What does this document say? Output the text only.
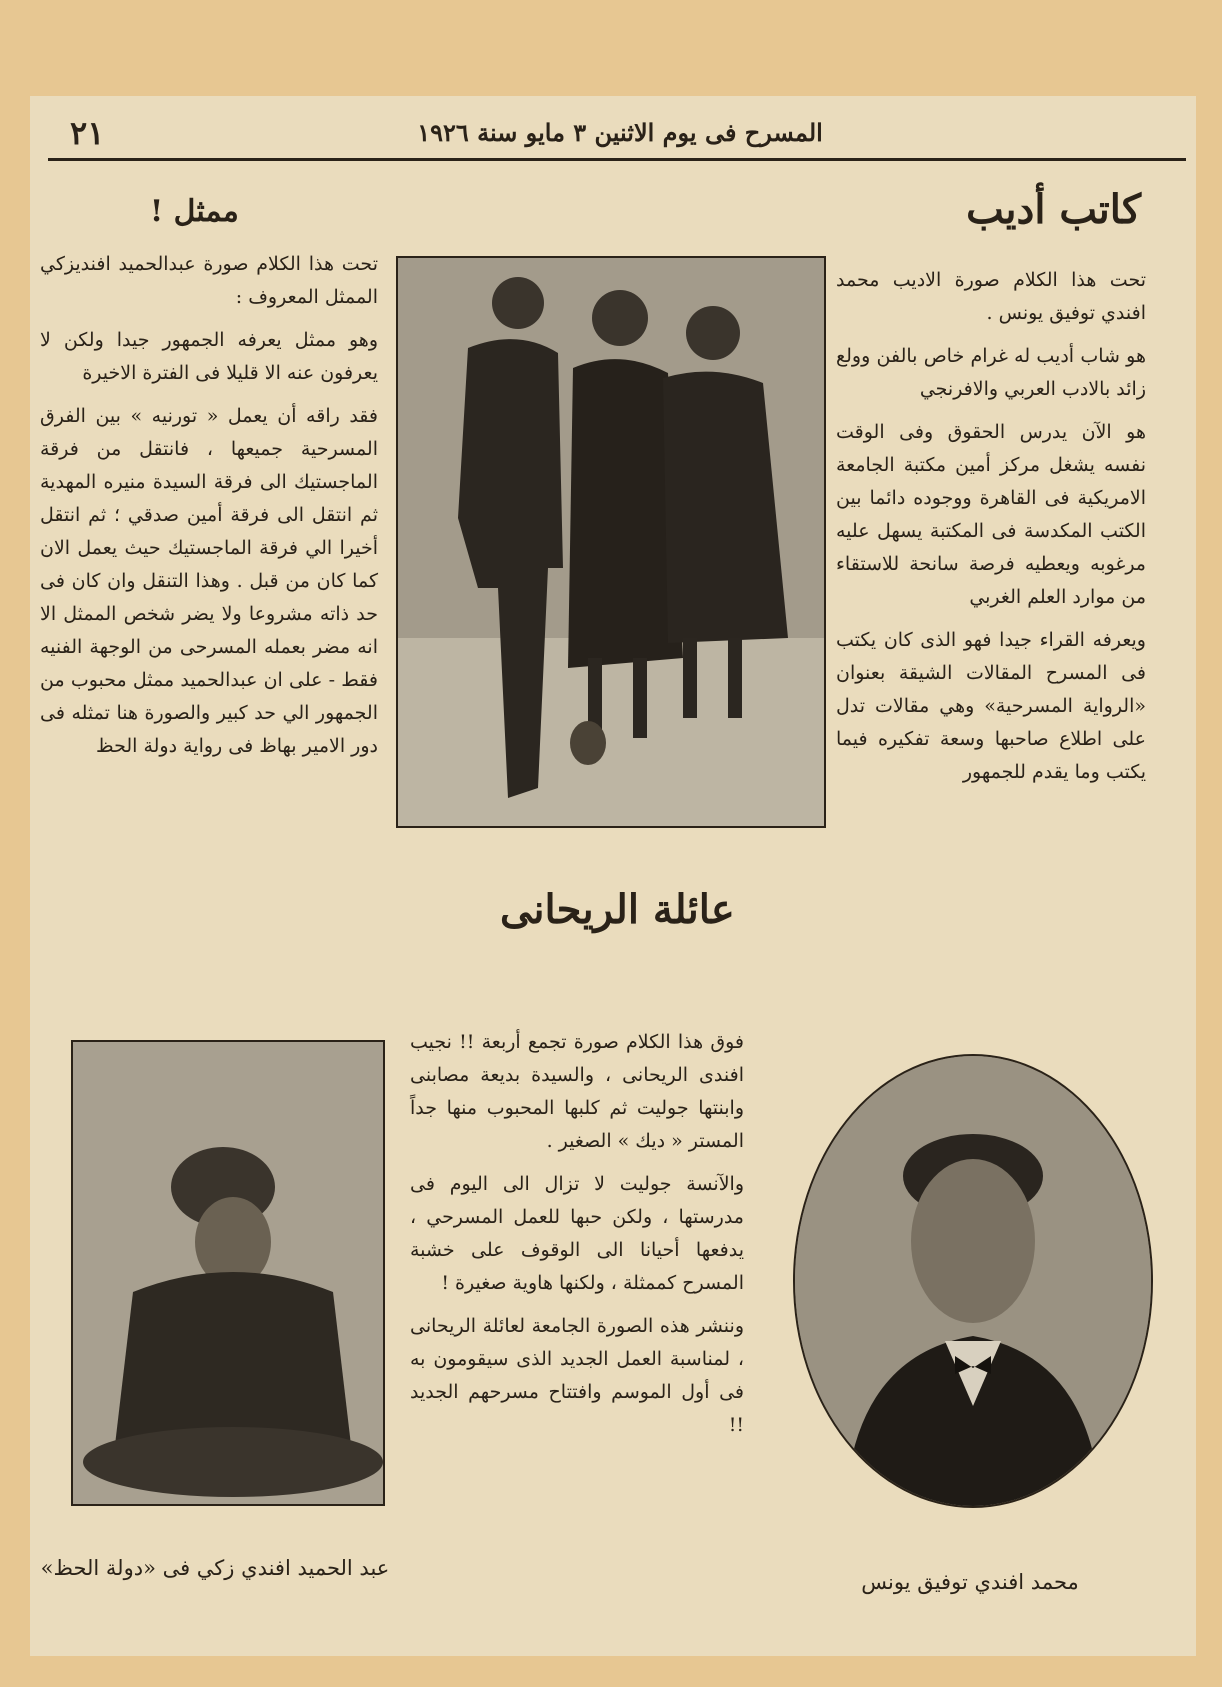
٢١	المسرح فى يوم الاثنين ٣ مايو سنة ١٩٢٦
كاتب أديب

تحت هذا الكلام صورة الاديب محمد افندي توفيق يونس .

هو شاب أديب له غرام خاص بالفن وولع زائد بالادب العربي والافرنجي

هو الآن يدرس الحقوق وفى الوقت نفسه يشغل مركز أمين مكتبة الجامعة الامريكية فى القاهرة ووجوده دائما بين الكتب المكدسة فى المكتبة يسهل عليه مرغوبه ويعطيه فرصة سانحة للاستقاء من موارد العلم الغربي

ويعرفه القراء جيدا فهو الذى كان يكتب فى المسرح المقالات الشيقة بعنوان «الرواية المسرحية» وهي مقالات تدل على اطلاع صاحبها وسعة تفكيره فيما يكتب وما يقدم للجمهور

ممثل !

تحت هذا الكلام صورة عبدالحميد افنديزكي الممثل المعروف :

وهو ممثل يعرفه الجمهور جيدا ولكن لا يعرفون عنه الا قليلا فى الفترة الاخيرة

فقد راقه أن يعمل « تورنيه » بين الفرق المسرحية جميعها ، فانتقل من فرقة الماجستيك الى فرقة السيدة منيره المهدية ثم انتقل الى فرقة أمين صدقي ؛ ثم انتقل أخيرا الي فرقة الماجستيك حيث يعمل الان كما كان من قبل . وهذا التنقل وان كان فى حد ذاته مشروعا ولا يضر شخص الممثل الا انه مضر بعمله المسرحى من الوجهة الفنيه فقط - على ان عبدالحميد ممثل محبوب من الجمهور الي حد كبير والصورة هنا تمثله فى دور الامير بهاظ فى رواية دولة الحظ

عائلة الريحانى

فوق هذا الكلام صورة تجمع أربعة !! نجيب افندى الريحانى ، والسيدة بديعة مصابنى وابنتها جوليت ثم كلبها المحبوب منها جداً المستر « ديك » الصغير .

والآنسة جوليت لا تزال الى اليوم فى مدرستها ، ولكن حبها للعمل المسرحي ، يدفعها أحيانا الى الوقوف على خشبة المسرح كممثلة ، ولكنها هاوية صغيرة !

وننشر هذه الصورة الجامعة لعائلة الريحانى ، لمناسبة العمل الجديد الذى سيقومون به فى أول الموسم وافتتاح مسرحهم الجديد !!

عبد الحميد افندي زكي فى «دولة الحظ»
محمد افندي توفيق يونس
